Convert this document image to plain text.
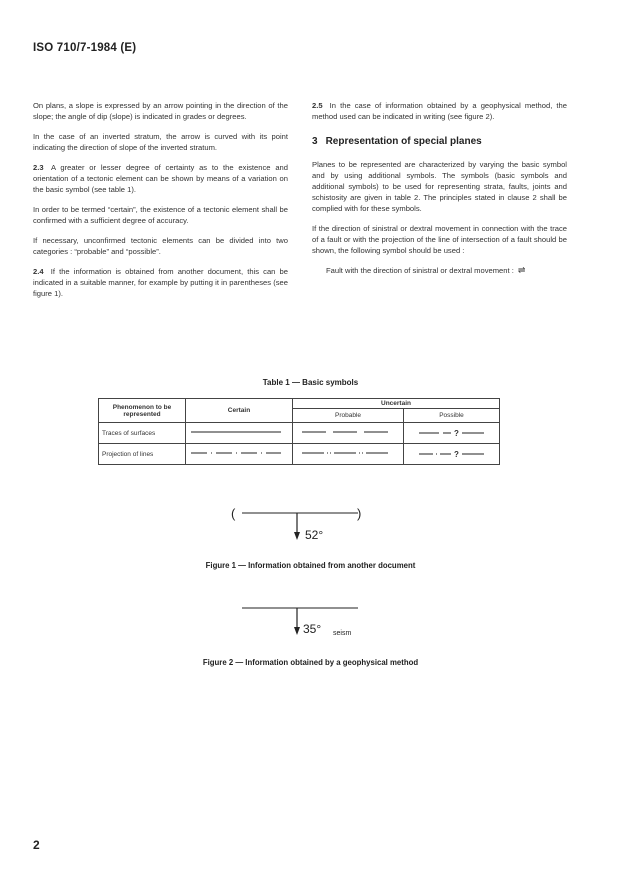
ISO 710/7-1984 (E)

On plans, a slope is expressed by an arrow pointing in the direction of the slope; the angle of dip (slope) is indicated in grades or degrees.

In the case of an inverted stratum, the arrow is curved with its point indicating the direction of slope of the inverted stratum.

2.3 A greater or lesser degree of certainty as to the existence and orientation of a tectonic element can be shown by means of a variation on the basic symbol (see table 1).

In order to be termed “certain”, the existence of a tectonic element shall be confirmed with a sufficient degree of accuracy.

If necessary, unconfirmed tectonic elements can be divided into two categories : “probable” and “possible”.

2.4 If the information is obtained from another document, this can be indicated in a suitable manner, for example by putting it in parentheses (see figure 1).

2.5 In the case of information obtained by a geophysical method, the method used can be indicated in writing (see figure 2).

3 Representation of special planes

Planes to be represented are characterized by varying the basic symbol and by using additional symbols. The symbols (basic symbols and additional symbols) to be used for representing strata, faults, joints and schistosity are given in table 2. The principles stated in clause 2 shall be complied with for these symbols.

If the direction of sinistral or dextral movement in connection with the trace of a fault or with the projection of the line of intersection of a fault should be shown, the following symbol should be used :

Fault with the direction of sinistral or dextral movement : ⇌
Table 1 — Basic symbols
Phenomenon to be represented	Certain	Uncertain	
		Probable	Possible
Traces of surfaces			?

Projection of lines			?
(	)
52°
Figure 1 — Information obtained from another document
35° seism
Figure 2 — Information obtained by a geophysical method
2
